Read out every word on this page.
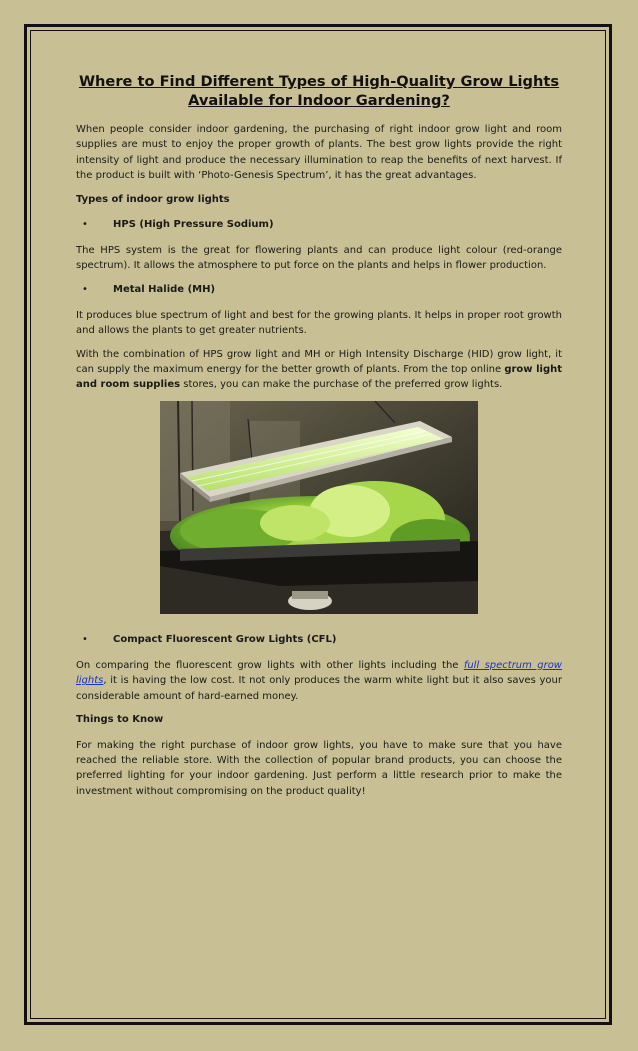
Where to Find Different Types of High-Quality Grow Lights Available for Indoor Gardening?

When people consider indoor gardening, the purchasing of right indoor grow light and room supplies are must to enjoy the proper growth of plants. The best grow lights provide the right intensity of light and produce the necessary illumination to reap the benefits of next harvest. If the product is built with ‘Photo-Genesis Spectrum’, it has the great advantages.

Types of indoor grow lights

•	HPS (High Pressure Sodium)

The HPS system is the great for flowering plants and can produce light colour (red-orange spectrum). It allows the atmosphere to put force on the plants and helps in flower production.

•	Metal Halide (MH)

It produces blue spectrum of light and best for the growing plants. It helps in proper root growth and allows the plants to get greater nutrients.

With the combination of HPS grow light and MH or High Intensity Discharge (HID) grow light, it can supply the maximum energy for the better growth of plants. From the top online grow light and room supplies stores, you can make the purchase of the preferred grow lights.

•	Compact Fluorescent Grow Lights (CFL)

On comparing the fluorescent grow lights with other lights including the full spectrum grow lights, it is having the low cost. It not only produces the warm white light but it also saves your considerable amount of hard-earned money.

Things to Know

For making the right purchase of indoor grow lights, you have to make sure that you have reached the reliable store. With the collection of popular brand products, you can choose the preferred lighting for your indoor gardening. Just perform a little research prior to make the investment without compromising on the product quality!
